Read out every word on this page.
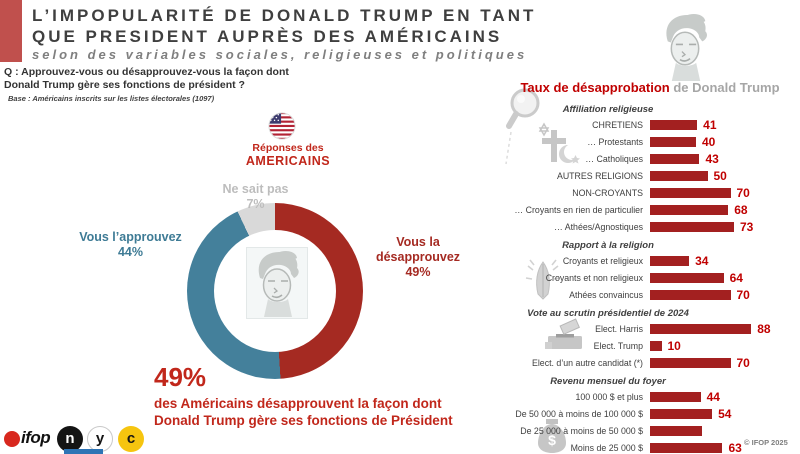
L’IMPOPULARITÉ DE DONALD TRUMP EN TANT
QUE PRESIDENT AUPRÈS DES AMÉRICAINS
selon des variables sociales, religieuses et politiques
Q : Approuvez-vous ou désapprouvez-vous la façon dont
Donald Trump gère ses fonctions de président ?
Base : Américains inscrits sur les listes électorales (1097)
Réponses des
AMERICAINS
Ne sait pas
7%
Vous l’approuvez
44%
Vous la
désapprouvez
49%
49%
des Américains désapprouvent la façon dont
Donald Trump gère ses fonctions de Président
ifop	n	y	c
Taux de désapprobation de Donald Trump
$
Affiliation religieuse
CHRETIENS	41
… Protestants	40
… Catholiques	43
AUTRES RELIGIONS	50
NON-CROYANTS	70
… Croyants en rien de particulier	68
… Athées/Agnostiques	73
Rapport à la religion
Croyants et religieux	34
Croyants et non religieux	64
Athées convaincus	70
Vote au scrutin présidentiel de 2024
Elect. Harris	88
Elect. Trump	10
Elect. d’un autre candidat (*)	70
Revenu mensuel du foyer
100 000 $ et plus	44
De 50 000 à moins de 100 000 $	54
De 25 000 à moins de 50 000 $
Moins de 25 000 $	63 © IFOP 2025
